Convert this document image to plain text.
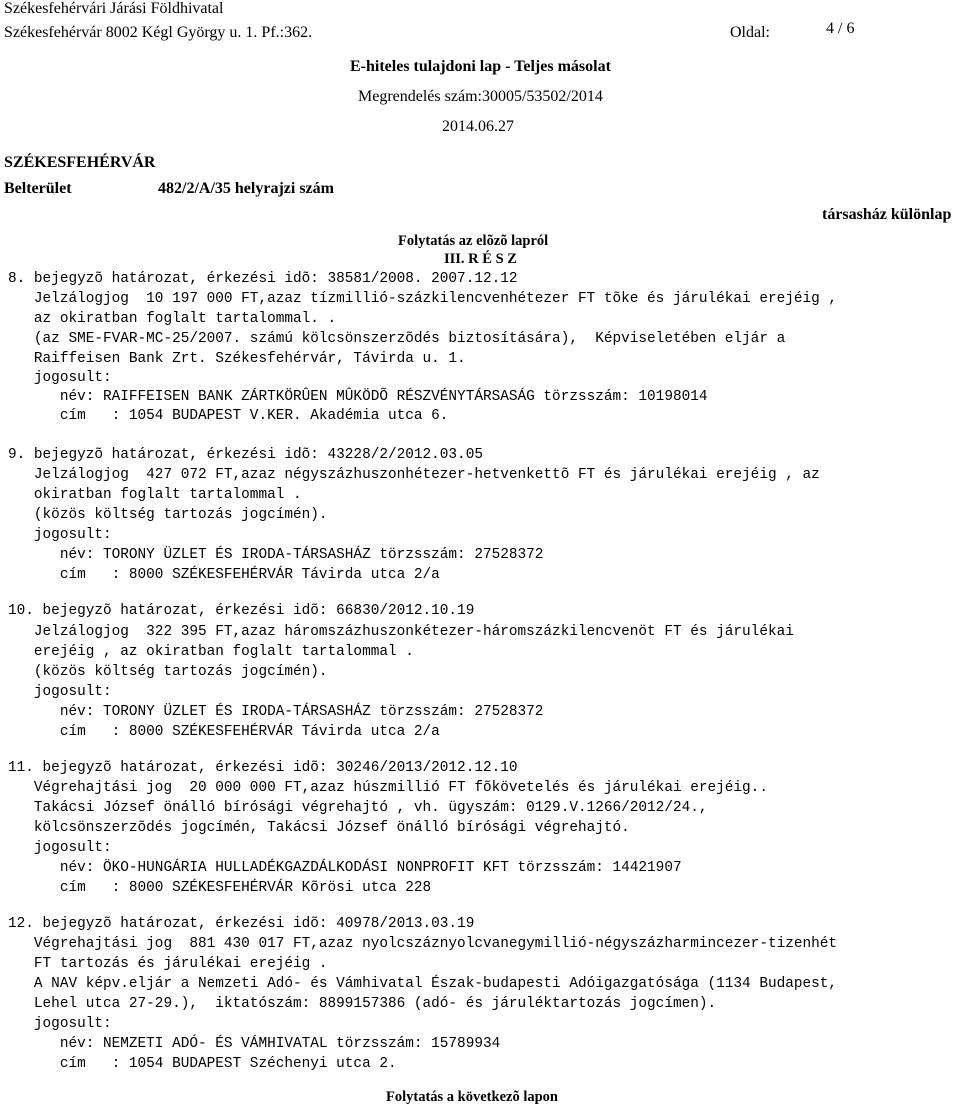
Székesfehérvári Járási Földhivatal
Székesfehérvár 8002 Kégl György u. 1. Pf.:362.	Oldal:	4 / 6
E-hiteles tulajdoni lap - Teljes másolat
Megrendelés szám:30005/53502/2014
2014.06.27
SZÉKESFEHÉRVÁR
Belterület	482/2/A/35 helyrajzi szám
társasház különlap
Folytatás az elõzõ lapról
III. R É S Z

8. bejegyzõ határozat, érkezési idõ: 38581/2008. 2007.12.12

Jelzálogjog  10 197 000 FT,azaz tízmillió-százkilencvenhétezer FT tõke és járulékai erejéig ,

az okiratban foglalt tartalommal. .

(az SME-FVAR-MC-25/2007. számú kölcsönszerzõdés biztosítására),  Képviseletében eljár a

Raiffeisen Bank Zrt. Székesfehérvár, Távirda u. 1.

jogosult:

név: RAIFFEISEN BANK ZÁRTKÖRÛEN MÛKÖDÕ RÉSZVÉNYTÁRSASÁG törzsszám: 10198014

cím   : 1054 BUDAPEST V.KER. Akadémia utca 6.

9. bejegyzõ határozat, érkezési idõ: 43228/2/2012.03.05

Jelzálogjog  427 072 FT,azaz négyszázhuszonhétezer-hetvenkettõ FT és járulékai erejéig , az

okiratban foglalt tartalommal .

(közös költség tartozás jogcímén).

jogosult:

név: TORONY ÜZLET ÉS IRODA-TÁRSASHÁZ törzsszám: 27528372

cím   : 8000 SZÉKESFEHÉRVÁR Távirda utca 2/a

10. bejegyzõ határozat, érkezési idõ: 66830/2012.10.19

Jelzálogjog  322 395 FT,azaz háromszázhuszonkétezer-háromszázkilencvenöt FT és járulékai

erejéig , az okiratban foglalt tartalommal .

(közös költség tartozás jogcímén).

jogosult:

név: TORONY ÜZLET ÉS IRODA-TÁRSASHÁZ törzsszám: 27528372

cím   : 8000 SZÉKESFEHÉRVÁR Távirda utca 2/a

11. bejegyzõ határozat, érkezési idõ: 30246/2013/2012.12.10

Végrehajtási jog  20 000 000 FT,azaz húszmillió FT fõkövetelés és járulékai erejéig..

Takácsi József önálló bírósági végrehajtó , vh. ügyszám: 0129.V.1266/2012/24.,

kölcsönszerzõdés jogcímén, Takácsi József önálló bírósági végrehajtó.

jogosult:

név: ÖKO-HUNGÁRIA HULLADÉKGAZDÁLKODÁSI NONPROFIT KFT törzsszám: 14421907

cím   : 8000 SZÉKESFEHÉRVÁR Kõrösi utca 228

12. bejegyzõ határozat, érkezési idõ: 40978/2013.03.19

Végrehajtási jog  881 430 017 FT,azaz nyolcszáznyolcvanegymillió-négyszázharmincezer-tizenhét

FT tartozás és járulékai erejéig .

A NAV képv.eljár a Nemzeti Adó- és Vámhivatal Észak-budapesti Adóigazgatósága (1134 Budapest,

Lehel utca 27-29.),  iktatószám: 8899157386 (adó- és járuléktartozás jogcímen).

jogosult:

név: NEMZETI ADÓ- ÉS VÁMHIVATAL törzsszám: 15789934

cím   : 1054 BUDAPEST Széchenyi utca 2.

Folytatás a következõ lapon
